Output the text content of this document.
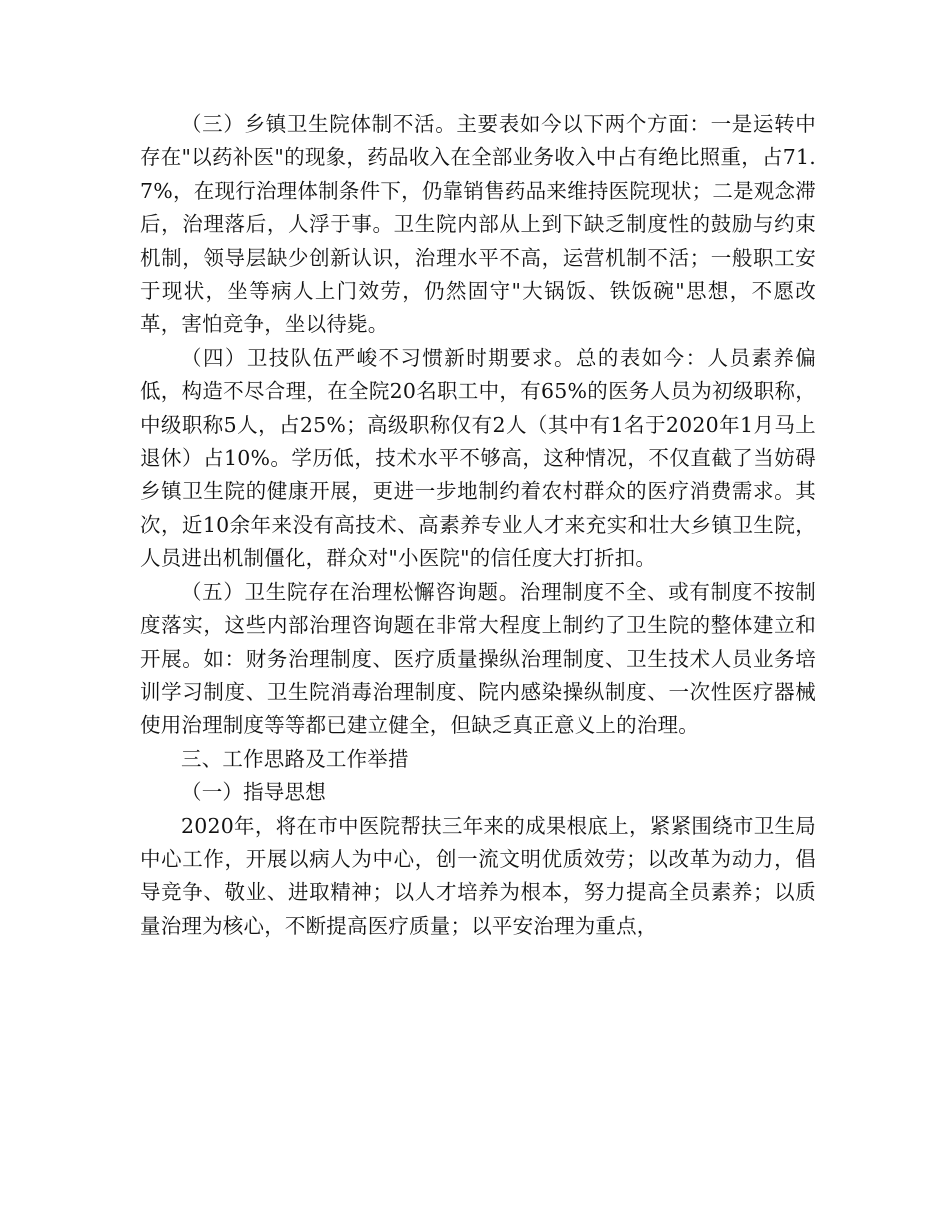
（三）乡镇卫生院体制不活。主要表如今以下两个方面：一是运转中存在"以药补医"的现象，药品收入在全部业务收入中占有绝比照重，占71.7%，在现行治理体制条件下，仍靠销售药品来维持医院现状；二是观念滞后，治理落后，人浮于事。卫生院内部从上到下缺乏制度性的鼓励与约束机制，领导层缺少创新认识，治理水平不高，运营机制不活；一般职工安于现状，坐等病人上门效劳，仍然固守"大锅饭、铁饭碗"思想，不愿改革，害怕竞争，坐以待毙。

（四）卫技队伍严峻不习惯新时期要求。总的表如今：人员素养偏低，构造不尽合理，在全院20名职工中，有65%的医务人员为初级职称，中级职称5人，占25%；高级职称仅有2人（其中有1名于2020年1月马上退休）占10%。学历低，技术水平不够高，这种情况，不仅直截了当妨碍乡镇卫生院的健康开展，更进一步地制约着农村群众的医疗消费需求。其次，近10余年来没有高技术、高素养专业人才来充实和壮大乡镇卫生院，人员进出机制僵化，群众对"小医院"的信任度大打折扣。

（五）卫生院存在治理松懈咨询题。治理制度不全、或有制度不按制度落实，这些内部治理咨询题在非常大程度上制约了卫生院的整体建立和开展。如：财务治理制度、医疗质量操纵治理制度、卫生技术人员业务培训学习制度、卫生院消毒治理制度、院内感染操纵制度、一次性医疗器械使用治理制度等等都已建立健全，但缺乏真正意义上的治理。

三、工作思路及工作举措

（一）指导思想

2020年，将在市中医院帮扶三年来的成果根底上，紧紧围绕市卫生局中心工作，开展以病人为中心，创一流文明优质效劳；以改革为动力，倡导竞争、敬业、进取精神；以人才培养为根本，努力提高全员素养；以质量治理为核心，不断提高医疗质量；以平安治理为重点，
